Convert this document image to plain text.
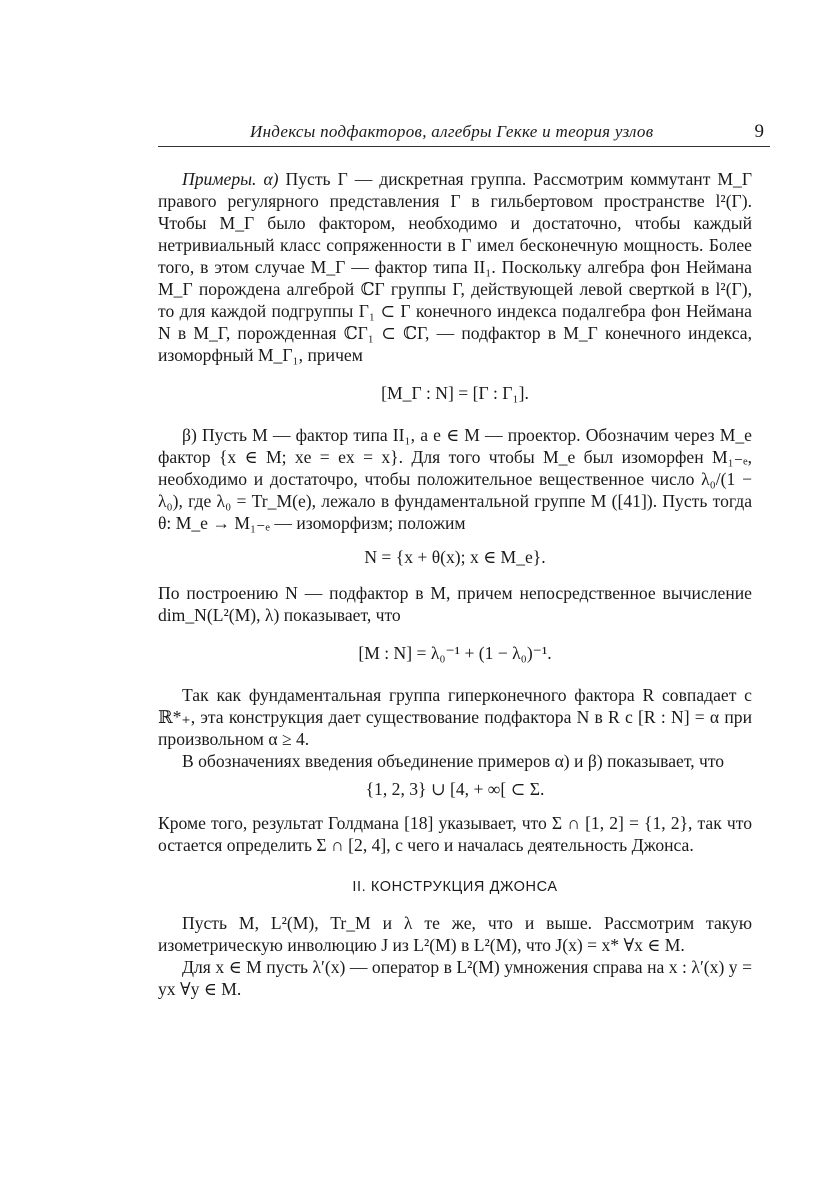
Индексы подфакторов, алгебры Гекке и теория узлов	9

Примеры. α) Пусть Γ — дискретная группа. Рассмотрим коммутант M_Γ правого регулярного представления Γ в гильбертовом пространстве l²(Γ). Чтобы M_Γ было фактором, необходимо и достаточно, чтобы каждый нетривиальный класс сопряженности в Γ имел бесконечную мощность. Более того, в этом случае M_Γ — фактор типа II₁. Поскольку алгебра фон Неймана M_Γ порождена алгеброй ℂΓ группы Γ, действующей левой сверткой в l²(Γ), то для каждой подгруппы Γ₁ ⊂ Γ конечного индекса подалгебра фон Неймана N в M_Γ, порожденная ℂΓ₁ ⊂ ℂΓ, — подфактор в M_Γ конечного индекса, изоморфный M_Γ₁, причем

[M_Γ : N] = [Γ : Γ₁].

β) Пусть M — фактор типа II₁, а e ∈ M — проектор. Обозначим через M_e фактор {x ∈ M; xe = ex = x}. Для того чтобы M_e был изоморфен M₁₋ₑ, необходимо и достаточро, чтобы положительное вещественное число λ₀/(1 − λ₀), где λ₀ = Tr_M(e), лежало в фундаментальной группе M ([41]). Пусть тогда θ: M_e → M₁₋ₑ — изоморфизм; положим

N = {x + θ(x); x ∈ M_e}.

По построению N — подфактор в M, причем непосредственное вычисление dim_N(L²(M), λ) показывает, что

[M : N] = λ₀⁻¹ + (1 − λ₀)⁻¹.

Так как фундаментальная группа гиперконечного фактора R совпадает с ℝ*₊, эта конструкция дает существование подфактора N в R с [R : N] = α при произвольном α ≥ 4.

В обозначениях введения объединение примеров α) и β) показывает, что

{1, 2, 3} ∪ [4, + ∞[ ⊂ Σ.

Кроме того, результат Голдмана [18] указывает, что Σ ∩ [1, 2] = {1, 2}, так что остается определить Σ ∩ [2, 4], с чего и началась деятельность Джонса.

II. КОНСТРУКЦИЯ ДЖОНСА

Пусть M, L²(M), Tr_M и λ те же, что и выше. Рассмотрим такую изометрическую инволюцию J из L²(M) в L²(M), что J(x) = x* ∀x ∈ M.

Для x ∈ M пусть λ′(x) — оператор в L²(M) умножения справа на x : λ′(x) y = yx ∀y ∈ M.
